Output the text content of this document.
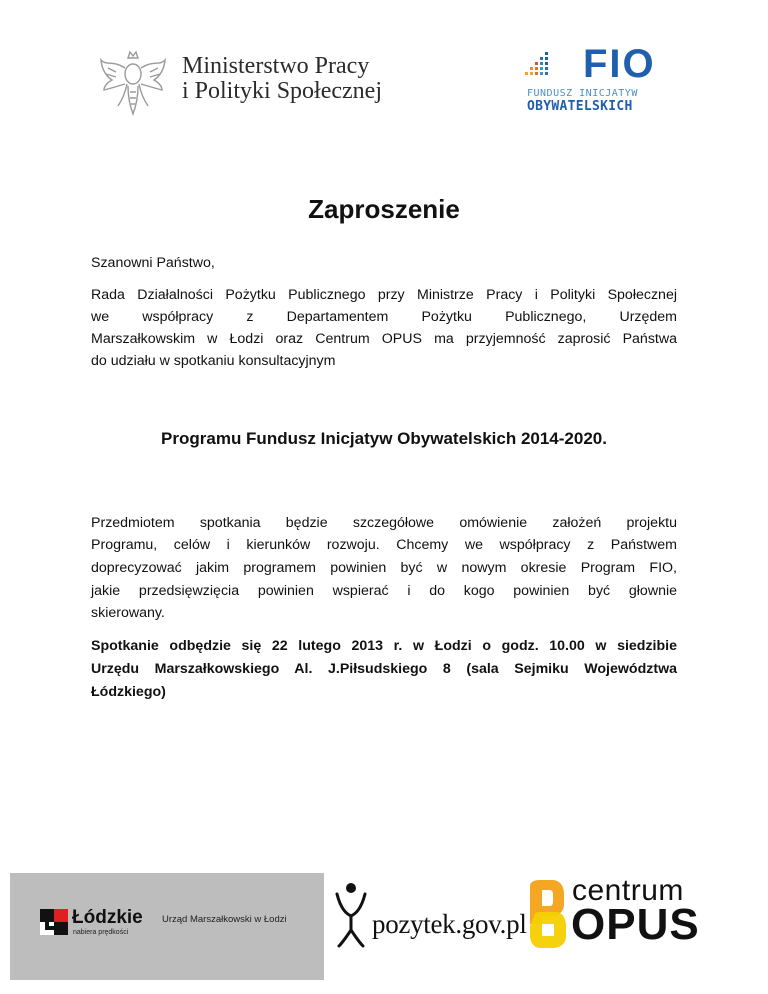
Ministerstwo Pracy
i Polityki Społecznej
FIO
FUNDUSZ INICJATYW
OBYWATELSKICH
Zaproszenie
Szanowni Państwo,
Rada Działalności Pożytku Publicznego przy Ministrze Pracy i Polityki Społecznej
we współpracy z Departamentem Pożytku Publicznego, Urzędem
Marszałkowskim w Łodzi oraz Centrum OPUS ma przyjemność zaprosić Państwa
do udziału w spotkaniu konsultacyjnym
Programu Fundusz Inicjatyw Obywatelskich 2014-2020.
Przedmiotem spotkania będzie szczegółowe omówienie założeń projektu
Programu, celów i kierunków rozwoju. Chcemy we współpracy z Państwem
doprecyzować jakim programem powinien być w nowym okresie Program FIO,
jakie przedsięwzięcia powinien wspierać i do kogo powinien być głownie
skierowany.
Spotkanie odbędzie się 22 lutego 2013 r. w Łodzi o godz. 10.00 w siedzibie
Urzędu Marszałkowskiego Al. J.Piłsudskiego 8 (sala Sejmiku Województwa
Łódzkiego)
Łódzkie
nabiera prędkości
Urząd Marszałkowski w Łodzi	pozytek.gov.pl
centrum
OPUS
